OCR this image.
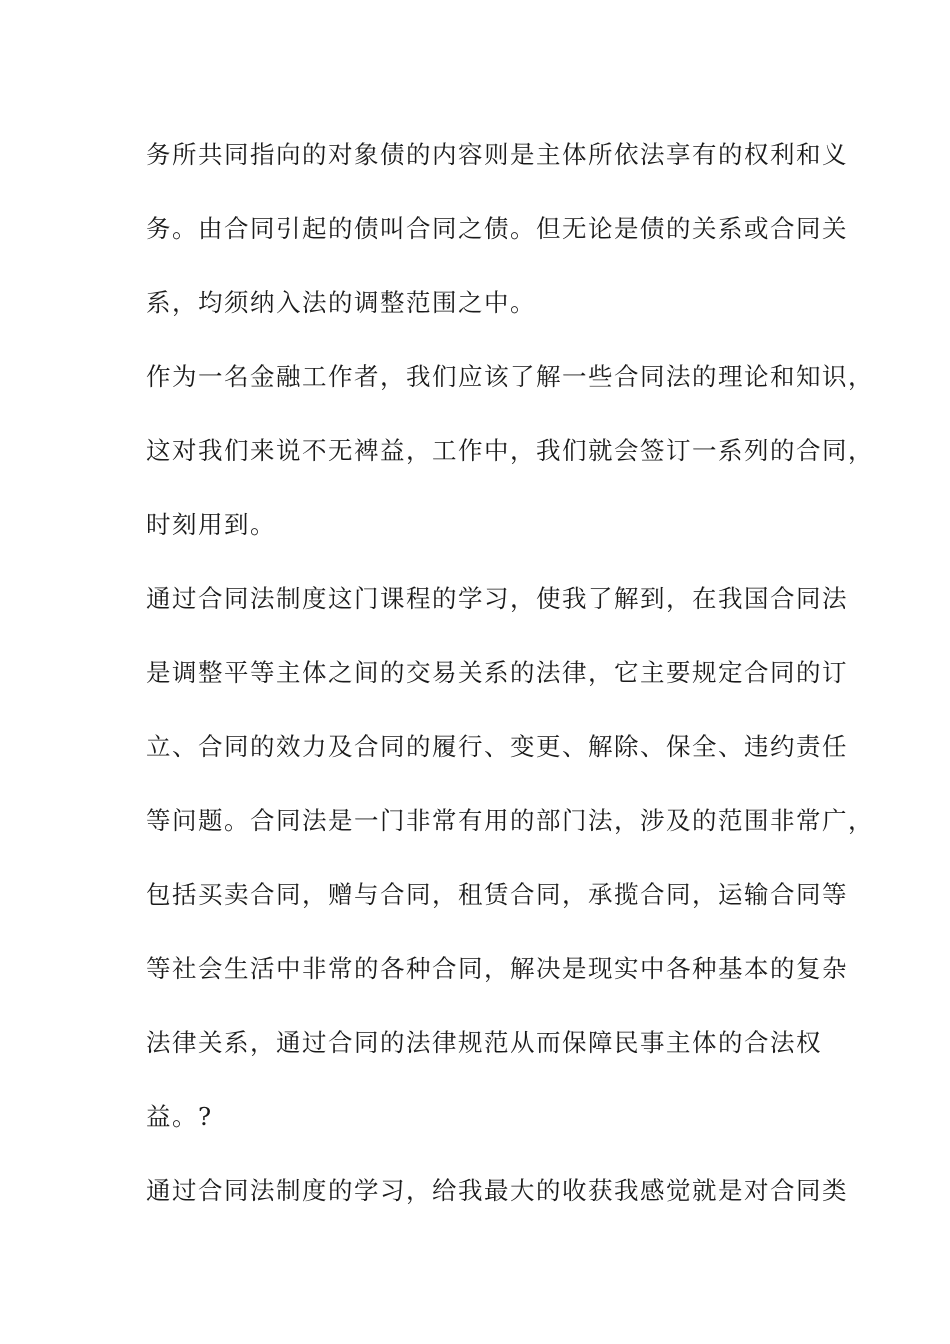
务所共同指向的对象债的内容则是主体所依法享有的权利和义
务。由合同引起的债叫合同之债。但无论是债的关系或合同关
系，均须纳入法的调整范围之中。
作为一名金融工作者，我们应该了解一些合同法的理论和知识，
这对我们来说不无裨益，工作中，我们就会签订一系列的合同，
时刻用到。
通过合同法制度这门课程的学习，使我了解到，在我国合同法
是调整平等主体之间的交易关系的法律，它主要规定合同的订
立、合同的效力及合同的履行、变更、解除、保全、违约责任
等问题。合同法是一门非常有用的部门法，涉及的范围非常广，
包括买卖合同，赠与合同，租赁合同，承揽合同，运输合同等
等社会生活中非常的各种合同，解决是现实中各种基本的复杂
法律关系，通过合同的法律规范从而保障民事主体的合法权
益。?
通过合同法制度的学习，给我最大的收获我感觉就是对合同类
